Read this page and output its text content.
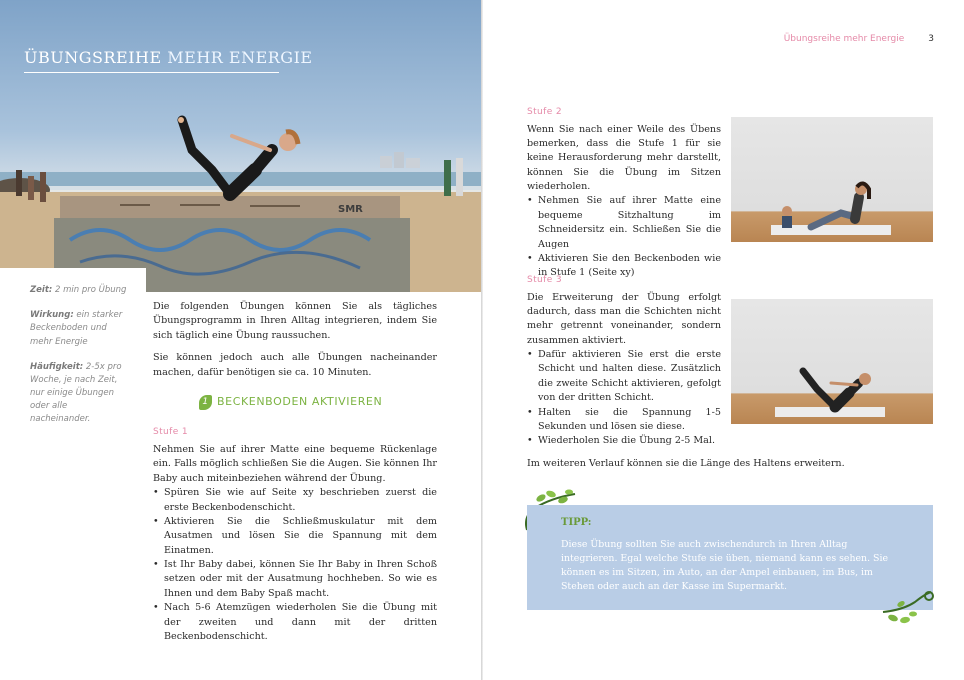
SMR
ÜBUNGSREIHE MEHR ENERGIE

Zeit: 2 min pro Übung

Wirkung: ein starker Beckenboden und mehr Energie

Häufigkeit: 2-5x pro Woche, je nach Zeit, nur einige Übungen oder alle nacheinander.

Die folgenden Übungen können Sie als tägliches Übungsprogramm in Ihren Alltag integrieren, indem Sie sich täglich eine Übung raussuchen.

Sie können jedoch auch alle Übungen nacheinander machen, dafür benötigen sie ca. 10 Minuten.

1 BECKENBODEN AKTIVIEREN
Stufe 1

Nehmen Sie auf ihrer Matte eine bequeme Rückenlage ein. Falls möglich schließen Sie die Augen. Sie können Ihr Baby auch miteinbeziehen während der Übung.

• Spüren Sie wie auf Seite xy beschrieben zuerst die erste Beckenbodenschicht.
• Aktivieren Sie die Schließmuskulatur mit dem Ausatmen und lösen Sie die Spannung mit dem Einatmen.
• Ist Ihr Baby dabei, können Sie Ihr Baby in Ihren Schoß setzen oder mit der Ausatmung hochheben. So wie es Ihnen und dem Baby Spaß macht.
• Nach 5-6 Atemzügen wiederholen Sie die Übung mit der zweiten und dann mit der dritten Beckenbodenschicht.
Übungsreihe mehr Energie	3
Stufe 2

Wenn Sie nach einer Weile des Übens bemerken, dass die Stufe 1 für sie keine Herausforderung mehr darstellt, können Sie die Übung im Sitzen wiederholen.

• Nehmen Sie auf ihrer Matte eine bequeme Sitzhaltung im Schneidersitz ein. Schließen Sie die Augen
• Aktivieren Sie den Beckenboden wie in Stufe 1 (Seite xy)
Stufe 3

Die Erweiterung der Übung erfolgt dadurch, dass man die Schichten nicht mehr getrennt voneinander, sondern zusammen aktiviert.

• Dafür aktivieren Sie erst die erste Schicht und halten diese. Zusätzlich die zweite Schicht aktivieren, gefolgt von der dritten Schicht.
• Halten sie die Spannung 1-5 Sekunden und lösen sie diese.
• Wiederholen Sie die Übung 2-5 Mal.
Im weiteren Verlauf können sie die Länge des Haltens erweitern.
TIPP:
Diese Übung sollten Sie auch zwischendurch in Ihren Alltag integrieren. Egal welche Stufe sie üben, niemand kann es sehen. Sie können es im Sitzen, im Auto, an der Ampel einbauen, im Bus, im Stehen oder auch an der Kasse im Supermarkt.
